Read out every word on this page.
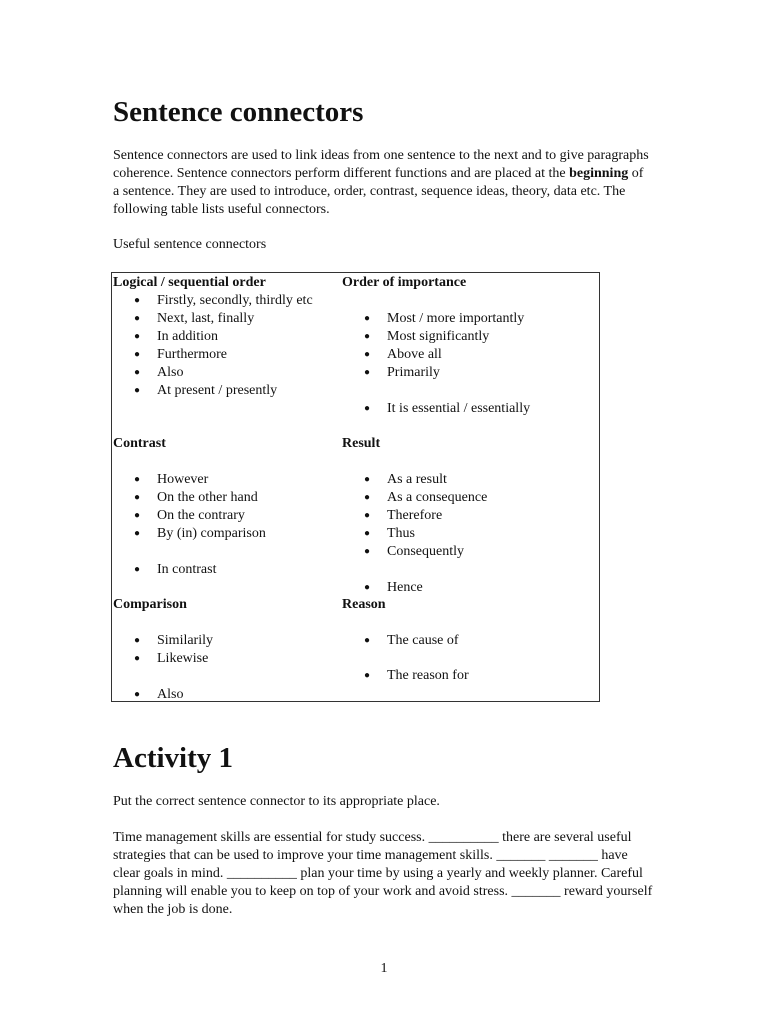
Sentence connectors

Sentence connectors are used to link ideas from one sentence to the next and to give paragraphs coherence. Sentence connectors perform different functions and are placed at the beginning of a sentence. They are used to introduce, order, contrast, sequence ideas, theory, data etc. The following table lists useful connectors.

Useful sentence connectors

Logical / sequential order
● Firstly, secondly, thirdly etc
● Next, last, finally
● In addition
● Furthermore
● Also
● At present / presently
Order of importance
● Most / more importantly
● Most significantly
● Above all
● Primarily
● It is essential / essentially
Contrast
● However
● On the other hand
● On the contrary
● By (in) comparison
● In contrast
Result
● As a result
● As a consequence
● Therefore
● Thus
● Consequently
● Hence
Comparison
● Similarily
● Likewise
● Also
Reason
● The cause of
● The reason for
Activity 1

Put the correct sentence connector to its appropriate place.

Time management skills are essential for study success. __________ there are several useful strategies that can be used to improve your time management skills. _______ _______ have clear goals in mind. __________ plan your time by using a yearly and weekly planner. Careful planning will enable you to keep on top of your work and avoid stress. _______ reward yourself when the job is done.

1
